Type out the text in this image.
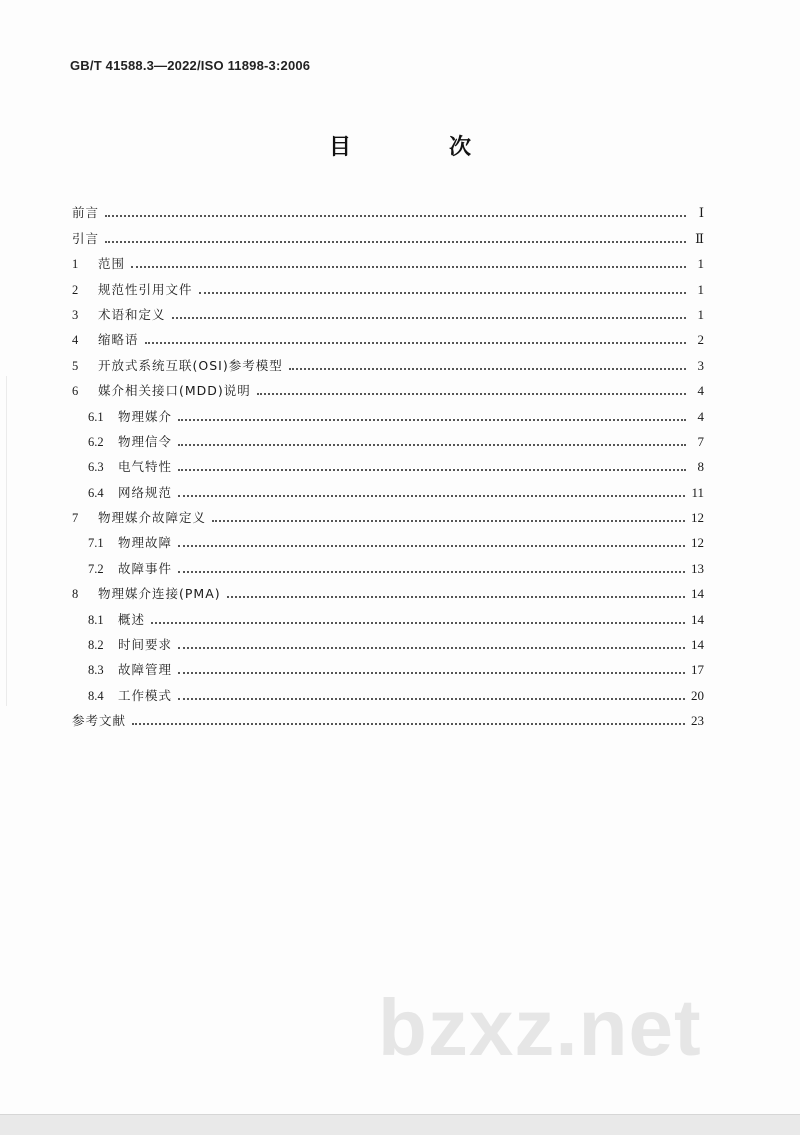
GB/T 41588.3—2022/ISO 11898-3:2006
目　次
前言	Ⅰ
引言	Ⅱ
1	范围	1
2	规范性引用文件	1
3	术语和定义	1
4	缩略语	2
5	开放式系统互联(OSI)参考模型	3
6	媒介相关接口(MDD)说明	4
6.1	物理媒介	4
6.2	物理信令	7
6.3	电气特性	8
6.4	网络规范	11
7	物理媒介故障定义	12
7.1	物理故障	12
7.2	故障事件	13
8	物理媒介连接(PMA)	14
8.1	概述	14
8.2	时间要求	14
8.3	故障管理	17
8.4	工作模式	20
参考文献	23
bzxz.net
